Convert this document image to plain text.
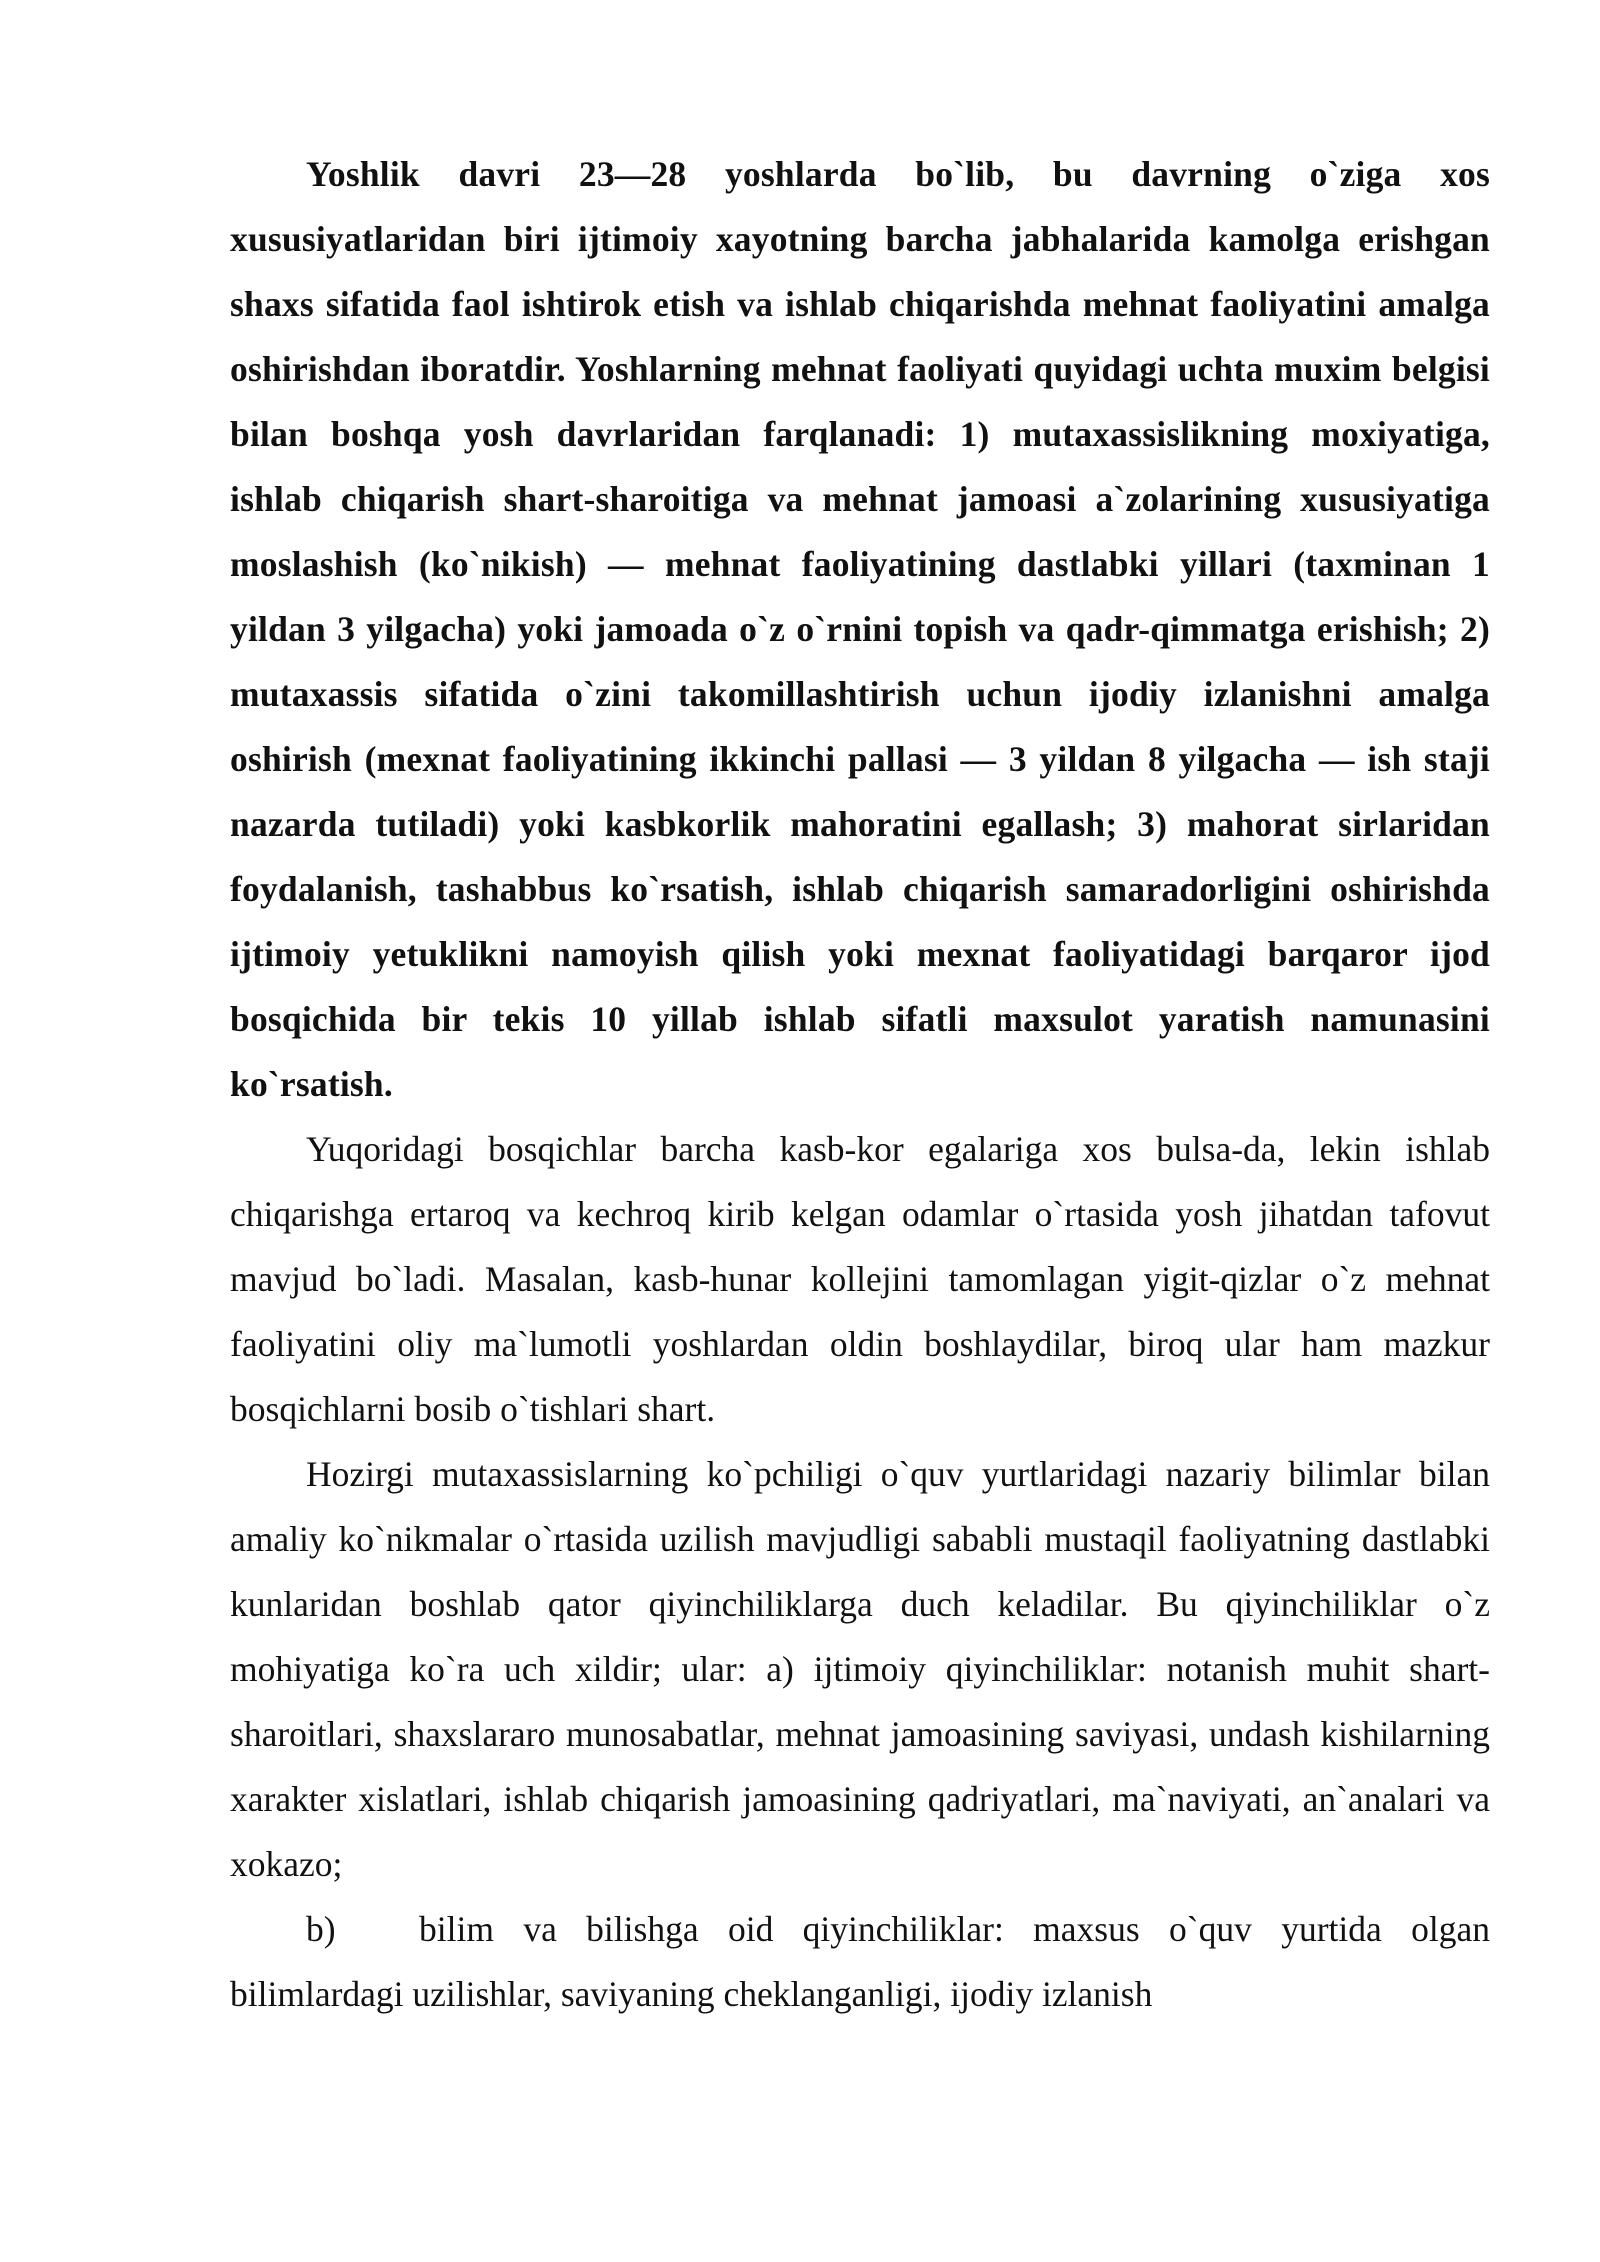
Yoshlik davri 23—28 yoshlarda bo`lib, bu davrning o`ziga xos xususiyatlaridan biri ijtimoiy xayotning barcha jabhalarida kamolga erishgan shaxs sifatida faol ishtirok etish va ishlab chiqarishda mehnat faoliyatini amalga oshirishdan iboratdir. Yoshlarning mehnat faoliyati quyidagi uchta muxim belgisi bilan boshqa yosh davrlaridan farqlanadi: 1) mutaxassislikning moxiyatiga, ishlab chiqarish shart-sharoitiga va mehnat jamoasi a`zolarining xususiyatiga moslashish (ko`nikish) — mehnat faoliyatining dastlabki yillari (taxminan 1 yildan 3 yilgacha) yoki jamoada o`z o`rnini topish va qadr-qimmatga erishish; 2) mutaxassis sifatida o`zini takomillashtirish uchun ijodiy izlanishni amalga oshirish (mexnat faoliyatining ikkinchi pallasi — 3 yildan 8 yilgacha — ish staji nazarda tutiladi) yoki kasbkorlik mahoratini egallash; 3) mahorat sirlaridan foydalanish, tashabbus ko`rsatish, ishlab chiqarish samaradorligini oshirishda ijtimoiy yetuklikni namoyish qilish yoki mexnat faoliyatidagi barqaror ijod bosqichida bir tekis 10 yillab ishlab sifatli maxsulot yaratish namunasini ko`rsatish.

Yuqoridagi bosqichlar barcha kasb-kor egalariga xos bulsa-da, lekin ishlab chiqarishga ertaroq va kechroq kirib kelgan odamlar o`rtasida yosh jihatdan tafovut mavjud bo`ladi. Masalan, kasb-hunar kollejini tamomlagan yigit-qizlar o`z mehnat faoliyatini oliy ma`lumotli yoshlardan oldin boshlaydilar, biroq ular ham mazkur bosqichlarni bosib o`tishlari shart.

Hozirgi mutaxassislarning ko`pchiligi o`quv yurtlaridagi nazariy bilimlar bilan amaliy ko`nikmalar o`rtasida uzilish mavjudligi sababli mustaqil faoliyatning dastlabki kunlaridan boshlab qator qiyinchiliklarga duch keladilar. Bu qiyinchiliklar o`z mohiyatiga ko`ra uch xildir; ular: a) ijtimoiy qiyinchiliklar: notanish muhit shart-sharoitlari, shaxslararo munosabatlar, mehnat jamoasining saviyasi, undash kishilarning xarakter xislatlari, ishlab chiqarish jamoasining qadriyatlari, ma`naviyati, an`analari va xokazo;

b) bilim va bilishga oid qiyinchiliklar: maxsus o`quv yurtida olgan bilimlardagi uzilishlar, saviyaning cheklanganligi, ijodiy izlanish
